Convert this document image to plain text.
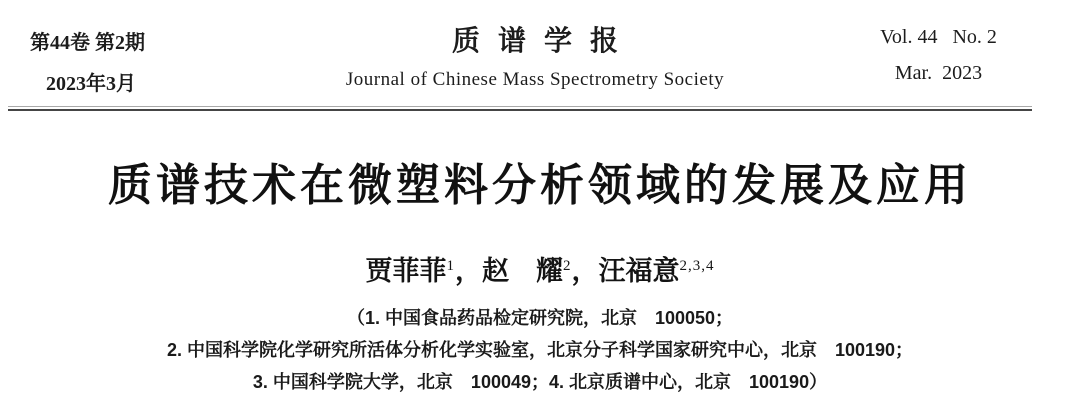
第44卷 第2期
2023年3月
质谱学报
Journal of Chinese Mass Spectrometry Society
Vol. 44   No. 2
Mar.  2023
质谱技术在微塑料分析领域的发展及应用
贾菲菲$^1$，赵　耀$^2$，汪福意$^{2,3,4}$
（1. 中国食品药品检定研究院，北京　100050；
2. 中国科学院化学研究所活体分析化学实验室，北京分子科学国家研究中心，北京　100190；
3. 中国科学院大学，北京　100049；4. 北京质谱中心，北京　100190）
